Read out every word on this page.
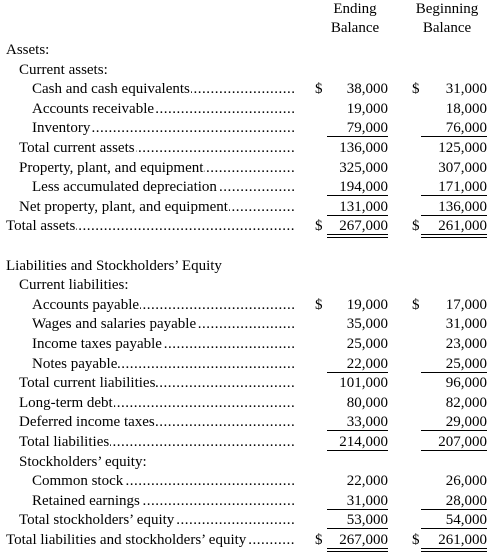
Ending
Balance
Beginning
Balance
Assets:
Current assets:
Cash and cash equivalents .....	$ 38,000 $ 31,000
Accounts receivable .....	19,000	18,000
Inventory .....	79,000	76,000
Total current assets .....	136,000	125,000
Property, plant, and equipment .....	325,000	307,000
Less accumulated depreciation .....	194,000	171,000
Net property, plant, and equipment .....	131,000	136,000
Total assets .....	$ 267,000 $ 261,000
Liabilities and Stockholders’ Equity
Current liabilities:
Accounts payable .....	$ 19,000 $ 17,000
Wages and salaries payable .....	35,000	31,000
Income taxes payable .....	25,000	23,000
Notes payable .....	22,000	25,000
Total current liabilities .....	101,000	96,000
Long-term debt .....	80,000	82,000
Deferred income taxes .....	33,000	29,000
Total liabilities .....	214,000	207,000
Stockholders’ equity:
Common stock .....	22,000	26,000
Retained earnings .....	31,000	28,000
Total stockholders’ equity .....	53,000	54,000
Total liabilities and stockholders’ equity .....	$ 267,000 $ 261,000
